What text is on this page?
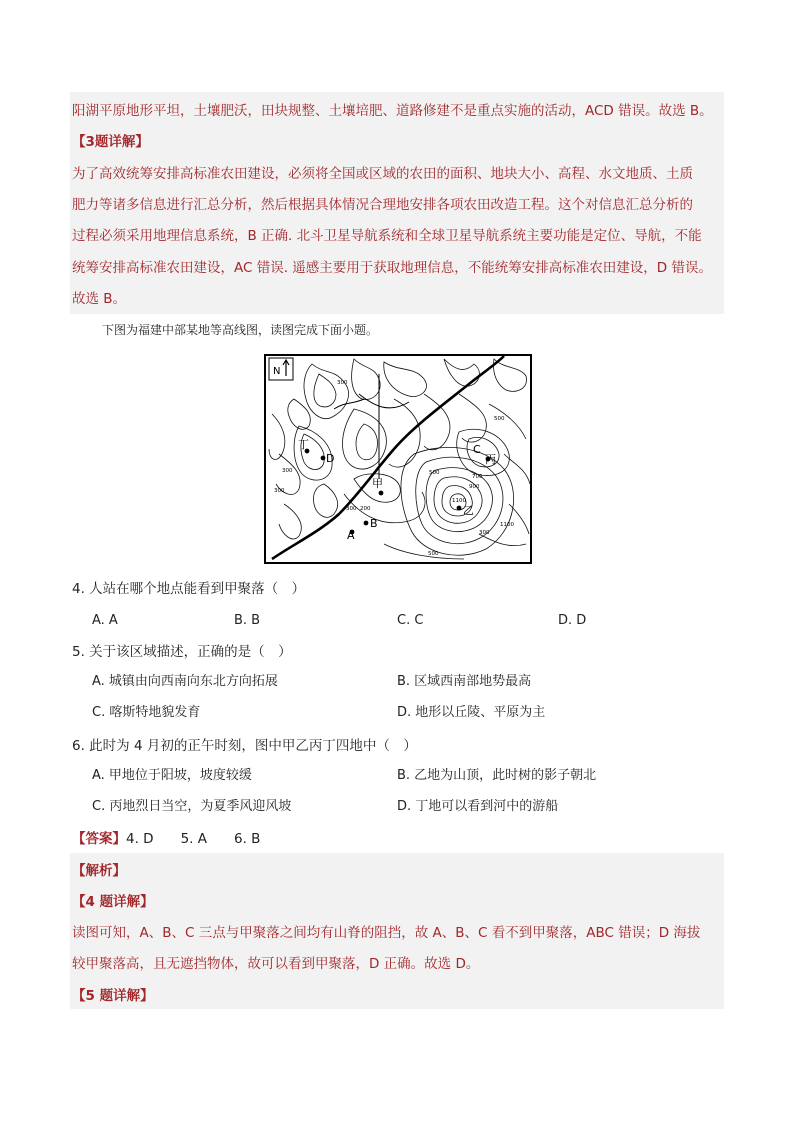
阳湖平原地形平坦，土壤肥沃，田块规整、土壤培肥、道路修建不是重点实施的活动，ACD 错误。故选 B。
【3题详解】
为了高效统筹安排高标准农田建设，必须将全国或区域的农田的面积、地块大小、高程、水文地质、土质
肥力等诸多信息进行汇总分析，然后根据具体情况合理地安排各项农田改造工程。这个对信息汇总分析的
过程必须采用地理信息系统，B 正确. 北斗卫星导航系统和全球卫星导航系统主要功能是定位、导航，不能
统筹安排高标准农田建设，AC 错误. 遥感主要用于获取地理信息，不能统筹安排高标准农田建设，D 错误。
故选 B。
下图为福建中部某地等高线图，读图完成下面小题。
N
丁
D
甲
B
A
C
丙
乙
300
500
300
700
900
1100
300
500
1100
500
300
300
200
4. 人站在哪个地点能看到甲聚落（　）
A. A	B. B	C. C	D. D
5. 关于该区域描述，正确的是（　）
A. 城镇由向西南向东北方向拓展	B. 区域西南部地势最高
C. 喀斯特地貌发育	D. 地形以丘陵、平原为主
6. 此时为 4 月初的正午时刻，图中甲乙丙丁四地中（　）
A. 甲地位于阳坡，坡度较缓	B. 乙地为山顶，此时树的影子朝北
C. 丙地烈日当空，为夏季风迎风坡	D. 丁地可以看到河中的游船
【答案】4. D　　5. A　　6. B
【解析】
【4 题详解】
读图可知，A、B、C 三点与甲聚落之间均有山脊的阻挡，故 A、B、C 看不到甲聚落，ABC 错误；D 海拔
较甲聚落高，且无遮挡物体，故可以看到甲聚落，D 正确。故选 D。
【5 题详解】
